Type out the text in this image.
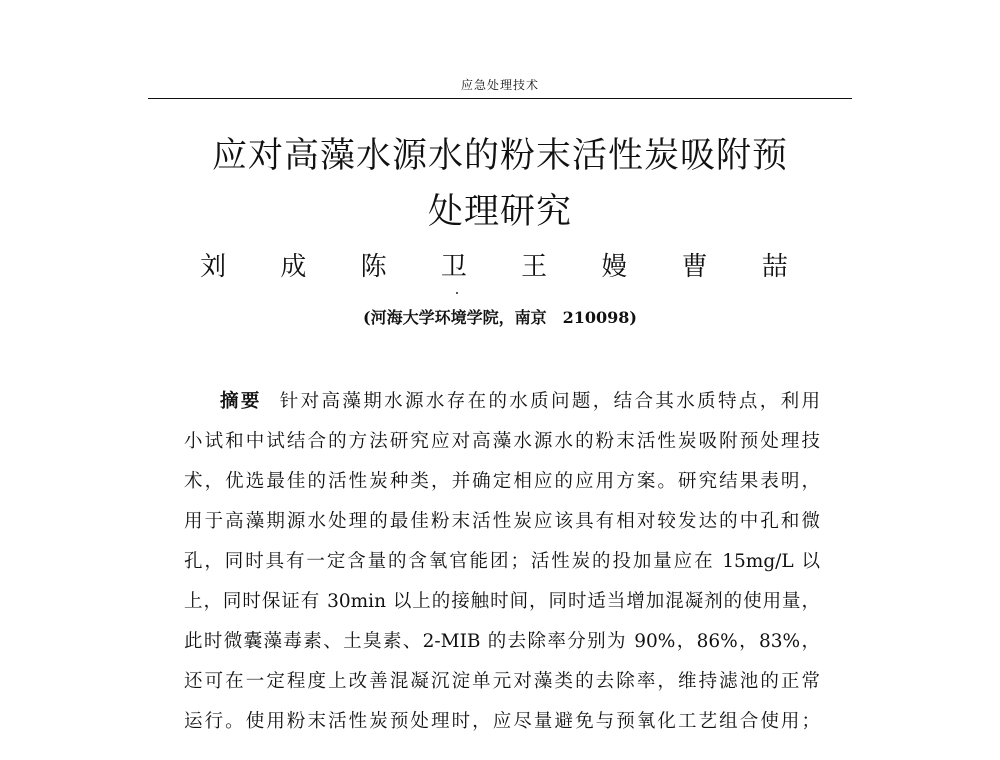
应急处理技术
应对高藻水源水的粉末活性炭吸附预
处理研究
刘 成 陈 卫 王 嫚 曹 喆
(河海大学环境学院，南京　210098)
摘要 针对高藻期水源水存在的水质问题，结合其水质特点，利用
小试和中试结合的方法研究应对高藻水源水的粉末活性炭吸附预处理技
术，优选最佳的活性炭种类，并确定相应的应用方案。研究结果表明，
用于高藻期源水处理的最佳粉末活性炭应该具有相对较发达的中孔和微
孔，同时具有一定含量的含氧官能团；活性炭的投加量应在 15mg/L 以
上，同时保证有 30min 以上的接触时间，同时适当增加混凝剂的使用量，
此时微囊藻毒素、土臭素、2-MIB 的去除率分别为 90%，86%，83%，
还可在一定程度上改善混凝沉淀单元对藻类的去除率，维持滤池的正常
运行。使用粉末活性炭预处理时，应尽量避免与预氧化工艺组合使用；
